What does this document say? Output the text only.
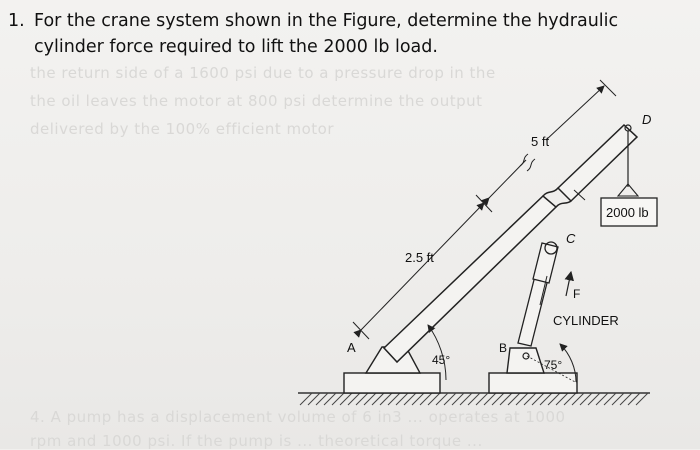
the return side of a 1600 psi due to a pressure drop in the
the oil leaves the motor at 800 psi determine the output
delivered by the 100% efficient motor
4. A pump has a displacement volume of 6 in3 ... operates at 1000
rpm and 1000 psi. If the pump is ... theoretical torque ...
1. For the crane system shown in the Figure, determine the hydraulic
cylinder force required to lift the 2000 lb load.
5 ft
2.5 ft
D
2000 lb
C
F
CYLINDER
A	B
45°	75°
